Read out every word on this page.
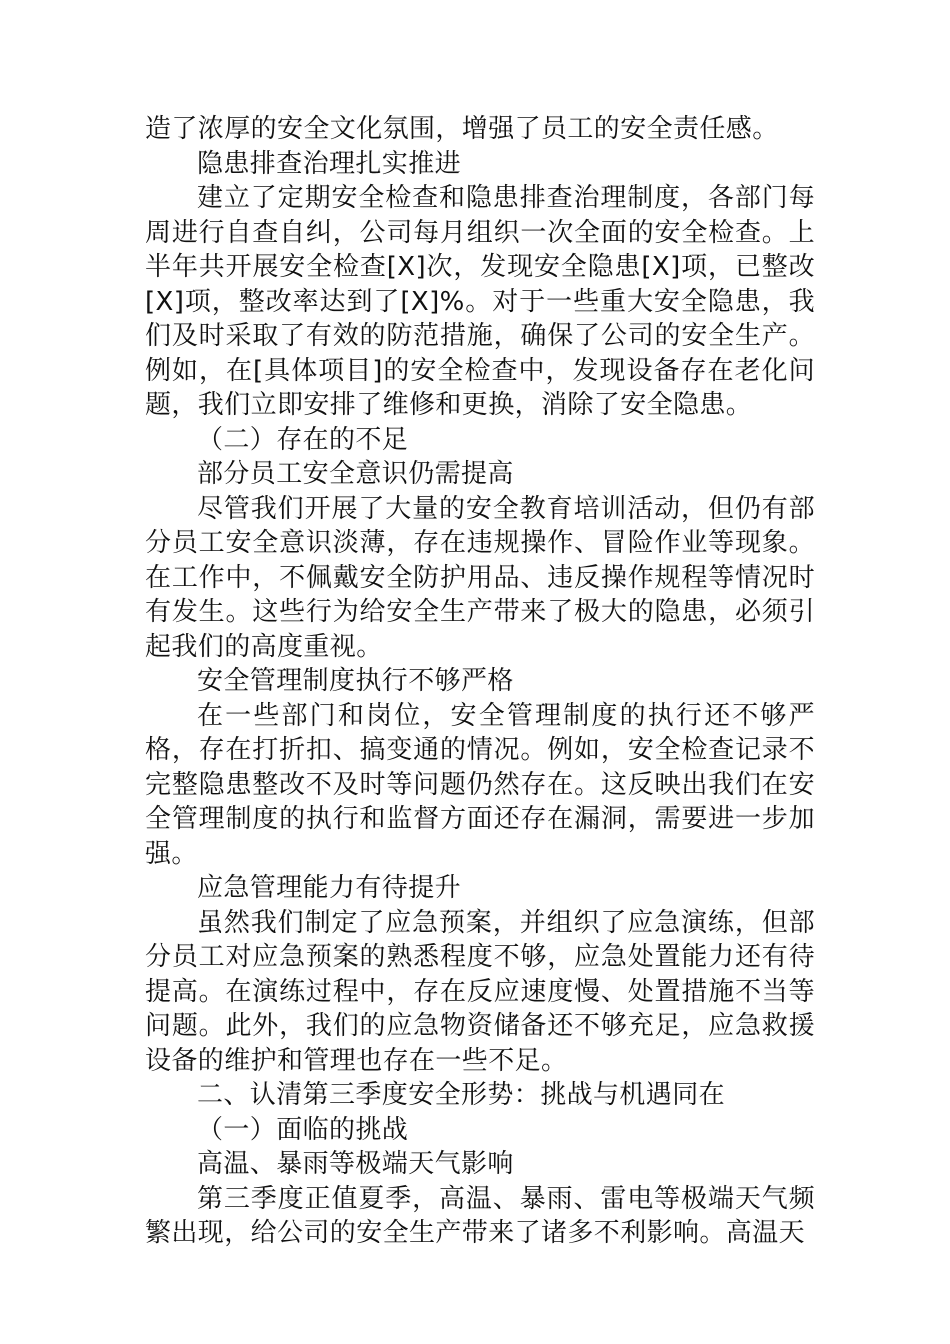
造了浓厚的安全文化氛围，增强了员工的安全责任感。

隐患排查治理扎实推进

建立了定期安全检查和隐患排查治理制度，各部门每周进行自查自纠，公司每月组织一次全面的安全检查。上半年共开展安全检查[X]次，发现安全隐患[X]项，已整改[X]项，整改率达到了[X]%。对于一些重大安全隐患，我们及时采取了有效的防范措施，确保了公司的安全生产。例如，在[具体项目]的安全检查中，发现设备存在老化问题，我们立即安排了维修和更换，消除了安全隐患。

（二）存在的不足

部分员工安全意识仍需提高

尽管我们开展了大量的安全教育培训活动，但仍有部分员工安全意识淡薄，存在违规操作、冒险作业等现象。在工作中，不佩戴安全防护用品、违反操作规程等情况时有发生。这些行为给安全生产带来了极大的隐患，必须引起我们的高度重视。

安全管理制度执行不够严格

在一些部门和岗位，安全管理制度的执行还不够严格，存在打折扣、搞变通的情况。例如，安全检查记录不完整隐患整改不及时等问题仍然存在。这反映出我们在安全管理制度的执行和监督方面还存在漏洞，需要进一步加强。

应急管理能力有待提升

虽然我们制定了应急预案，并组织了应急演练，但部分员工对应急预案的熟悉程度不够，应急处置能力还有待提高。在演练过程中，存在反应速度慢、处置措施不当等问题。此外，我们的应急物资储备还不够充足，应急救援设备的维护和管理也存在一些不足。

二、认清第三季度安全形势：挑战与机遇同在

（一）面临的挑战

高温、暴雨等极端天气影响

第三季度正值夏季，高温、暴雨、雷电等极端天气频繁出现，给公司的安全生产带来了诸多不利影响。高温天
